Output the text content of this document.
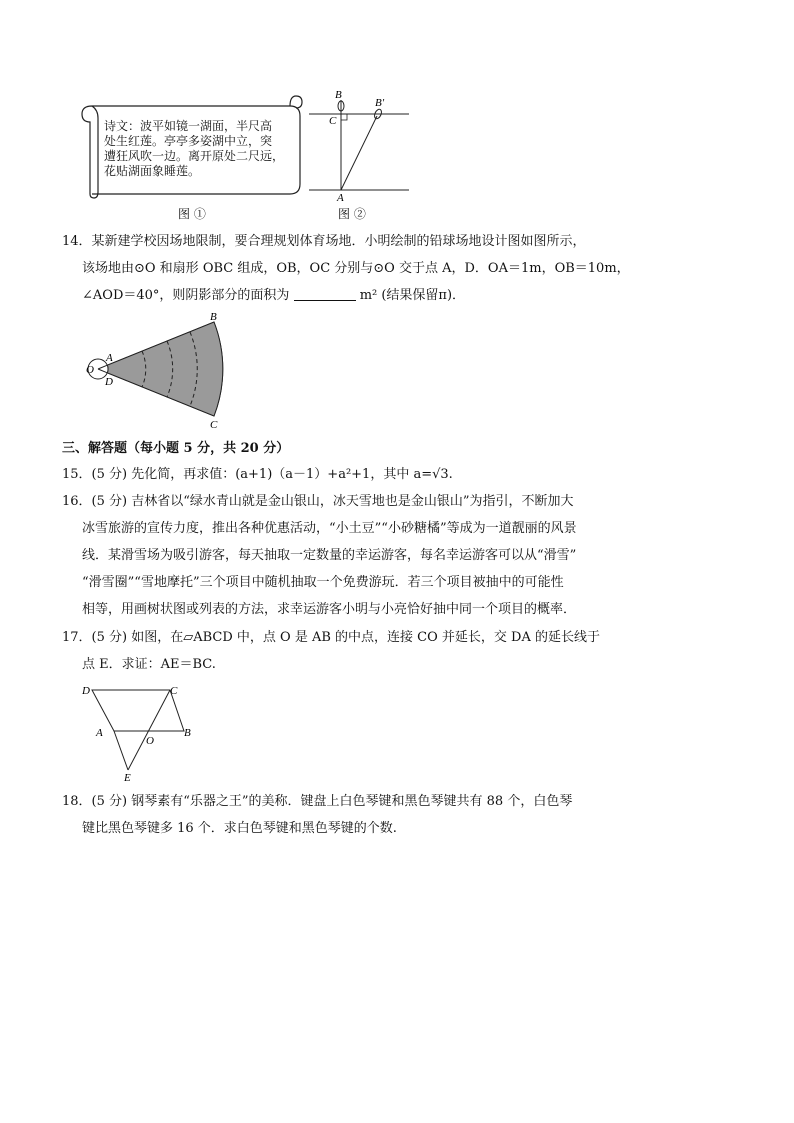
诗文：波平如镜一湖面，半尺高
处生红莲。亭亭多姿湖中立，突
遭狂风吹一边。离开原处二尺远，
花贴湖面象睡莲。
图 ①
B
B′
C
A
图 ②
14．某新建学校因场地限制，要合理规划体育场地．小明绘制的铅球场地设计图如图所示，
该场地由⊙O 和扇形 OBC 组成，OB，OC 分别与⊙O 交于点 A，D．OA＝1m，OB＝10m，
∠AOD＝40°，则阴影部分的面积为	m² (结果保留π)．
O
A
D
B
C
三、解答题（每小题 5 分，共 20 分）
15．(5 分) 先化简，再求值：(a+1)（a－1）+a²+1，其中 a=√3.
16．(5 分) 吉林省以“绿水青山就是金山银山，冰天雪地也是金山银山”为指引，不断加大
冰雪旅游的宣传力度，推出各种优惠活动，“小土豆”“小砂糖橘”等成为一道靓丽的风景
线．某滑雪场为吸引游客，每天抽取一定数量的幸运游客，每名幸运游客可以从“滑雪”
“滑雪圈”“雪地摩托”三个项目中随机抽取一个免费游玩．若三个项目被抽中的可能性
相等，用画树状图或列表的方法，求幸运游客小明与小亮恰好抽中同一个项目的概率．
17．(5 分) 如图，在▱ABCD 中，点 O 是 AB 的中点，连接 CO 并延长，交 DA 的延长线于
点 E．求证：AE＝BC.
D	C
A
O
B
E
18．(5 分) 钢琴素有“乐器之王”的美称．键盘上白色琴键和黑色琴键共有 88 个，白色琴
键比黑色琴键多 16 个．求白色琴键和黑色琴键的个数.
